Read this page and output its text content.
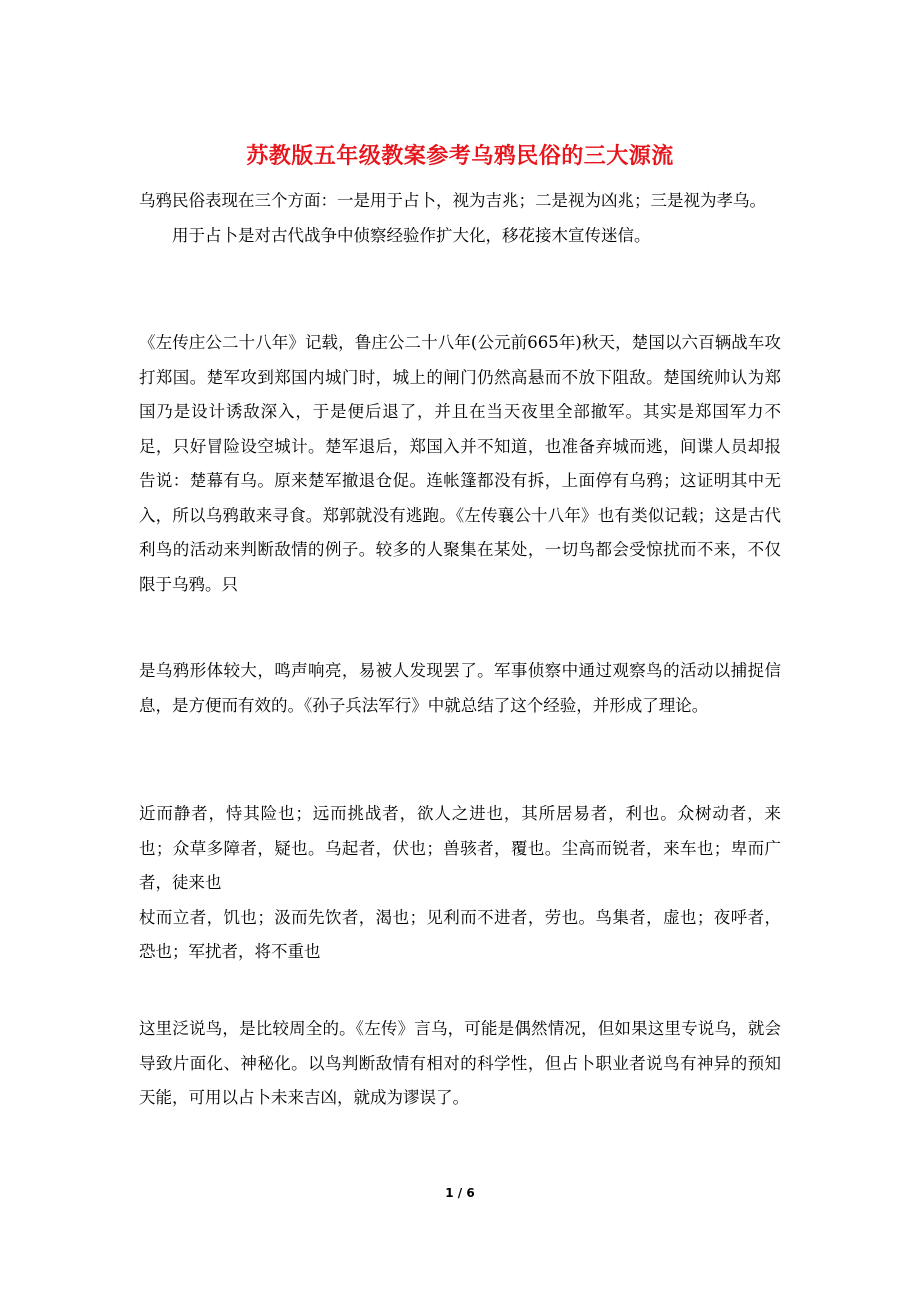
苏教版五年级教案参考乌鸦民俗的三大源流

乌鸦民俗表现在三个方面：一是用于占卜，视为吉兆；二是视为凶兆；三是视为孝乌。

用于占卜是对古代战争中侦察经验作扩大化，移花接木宣传迷信。

《左传庄公二十八年》记载，鲁庄公二十八年(公元前665年)秋天，楚国以六百辆战车攻打郑国。楚军攻到郑国内城门时，城上的闸门仍然高悬而不放下阻敌。楚国统帅认为郑国乃是设计诱敌深入，于是便后退了，并且在当天夜里全部撤军。其实是郑国军力不足，只好冒险设空城计。楚军退后，郑国入并不知道，也准备弃城而逃，间谍人员却报告说：楚幕有乌。原来楚军撤退仓促。连帐篷都没有拆，上面停有乌鸦；这证明其中无入，所以乌鸦敢来寻食。郑郭就没有逃跑。《左传襄公十八年》也有类似记载；这是古代利鸟的活动来判断敌情的例子。较多的人聚集在某处，一切鸟都会受惊扰而不来，不仅限于乌鸦。只

是乌鸦形体较大，鸣声响亮，易被人发现罢了。军事侦察中通过观察鸟的活动以捕捉信息，是方便而有效的。《孙子兵法军行》中就总结了这个经验，并形成了理论。

近而静者，恃其险也；远而挑战者，欲人之进也，其所居易者，利也。众树动者，来也；众草多障者，疑也。乌起者，伏也；兽骇者，覆也。尘高而锐者，来车也；卑而广者，徒来也

杖而立者，饥也；汲而先饮者，渴也；见利而不进者，劳也。鸟集者，虚也；夜呼者，恐也；军扰者，将不重也

这里泛说鸟，是比较周全的。《左传》言乌，可能是偶然情况，但如果这里专说乌，就会导致片面化、神秘化。以鸟判断敌情有相对的科学性，但占卜职业者说鸟有神异的预知天能，可用以占卜未来吉凶，就成为谬误了。

1 / 6
